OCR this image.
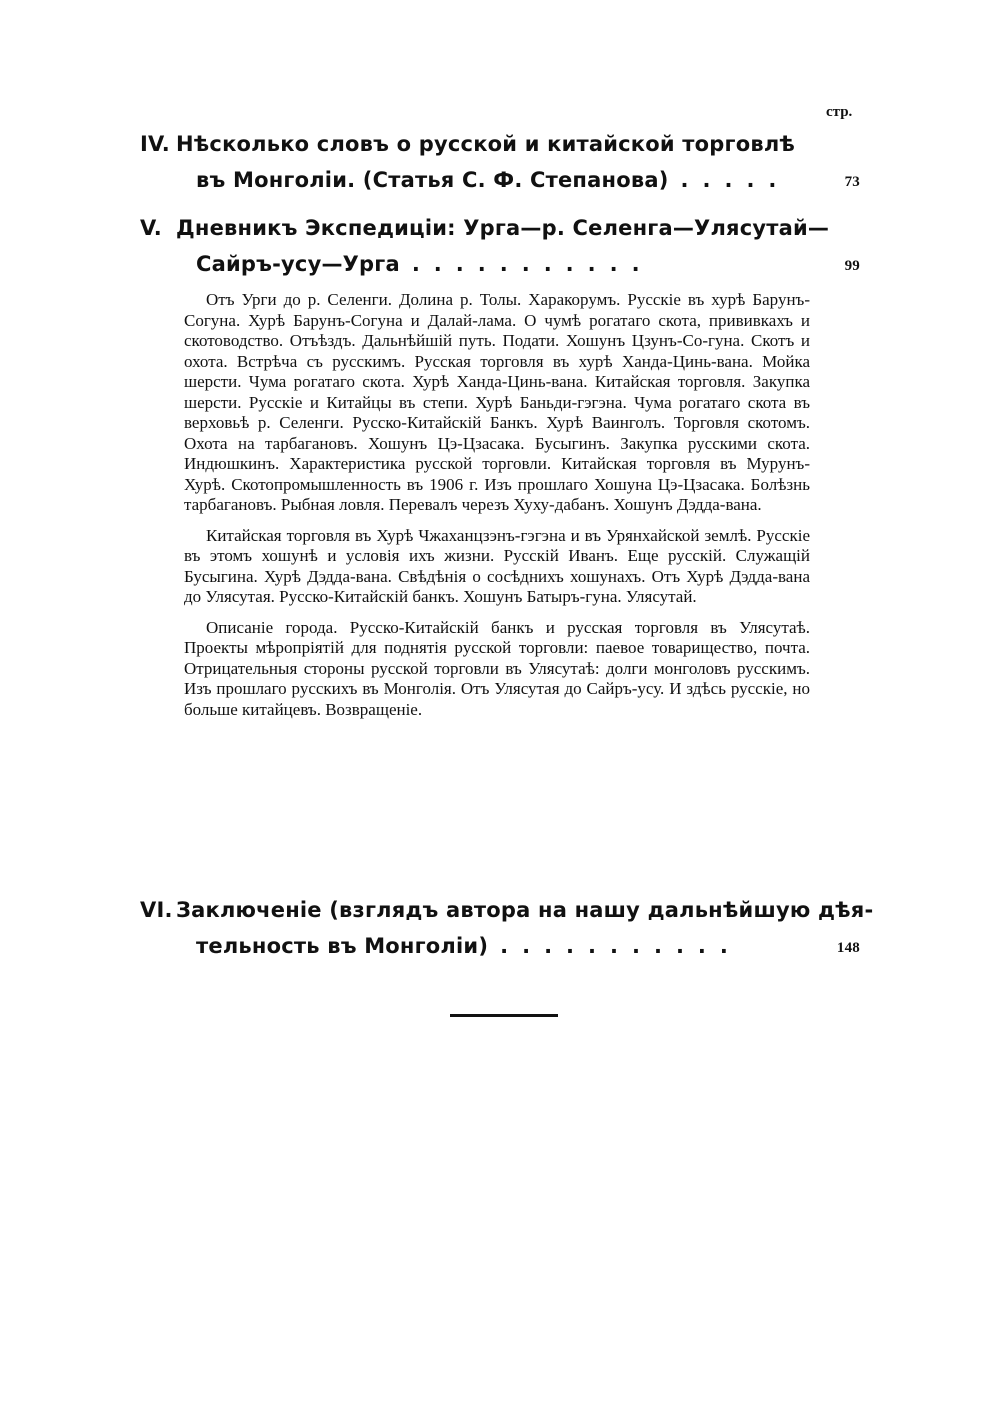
стр.
IV. Нѣсколько словъ о русской и китайской торговлѣ
въ Монголіи. (Статья С. Ф. Степанова) .....	73
V. Дневникъ Экспедиціи: Урга—р. Селенга—Улясутай—
Сайръ-усу—Урга ...........	99

Отъ Урги до р. Селенги. Долина р. Толы. Харакорумъ. Русскіе въ хурѣ Барунъ-Согуна. Хурѣ Барунъ-Согуна и Далай-лама. О чумѣ рогатаго скота, прививкахъ и скотоводство. Отъѣздъ. Дальнѣйшій путь. Подати. Хошунъ Цзунъ-Со-гуна. Скотъ и охота. Встрѣча съ русскимъ. Русская торговля въ хурѣ Ханда-Цинь-вана. Мойка шерсти. Чума рогатаго скота. Хурѣ Ханда-Цинь-вана. Китайская торговля. Закупка шерсти. Русскіе и Китайцы въ степи. Хурѣ Баньди-гэгэна. Чума рогатаго скота въ верховьѣ р. Селенги. Русско-Китайскій Банкъ. Хурѣ Ваинголъ. Торговля скотомъ. Охота на тарбагановъ. Хошунъ Цэ-Цзасака. Бусыгинъ. Закупка русскими скота. Индюшкинъ. Характеристика русской торговли. Китайская торговля въ Мурунъ-Хурѣ. Скотопромышленность въ 1906 г. Изъ прошлаго Хошуна Цэ-Цзасака. Болѣзнь тарбагановъ. Рыбная ловля. Перевалъ черезъ Хуху-дабанъ. Хошунъ Дэдда-вана.

Китайская торговля въ Хурѣ Чжаханцзэнъ-гэгэна и въ Урянхайской землѣ. Русскіе въ этомъ хошунѣ и условія ихъ жизни. Русскій Иванъ. Еще русскій. Служащій Бусыгина. Хурѣ Дэдда-вана. Свѣдѣнія о сосѣднихъ хошунахъ. Отъ Хурѣ Дэдда-вана до Улясутая. Русско-Китайскій банкъ. Хошунъ Батыръ-гуна. Улясутай.

Описаніе города. Русско-Китайскій банкъ и русская торговля въ Улясутаѣ. Проекты мѣропріятій для поднятія русской торговли: паевое товарищество, почта. Отрицательныя стороны русской торговли въ Улясутаѣ: долги монголовъ русскимъ. Изъ прошлаго русскихъ въ Монголія. Отъ Улясутая до Сайръ-усу. И здѣсь русскіе, но больше китайцевъ. Возвращеніе.

VI. Заключеніе (взглядъ автора на нашу дальнѣйшую дѣя-
тельность въ Монголіи) ...........	148
